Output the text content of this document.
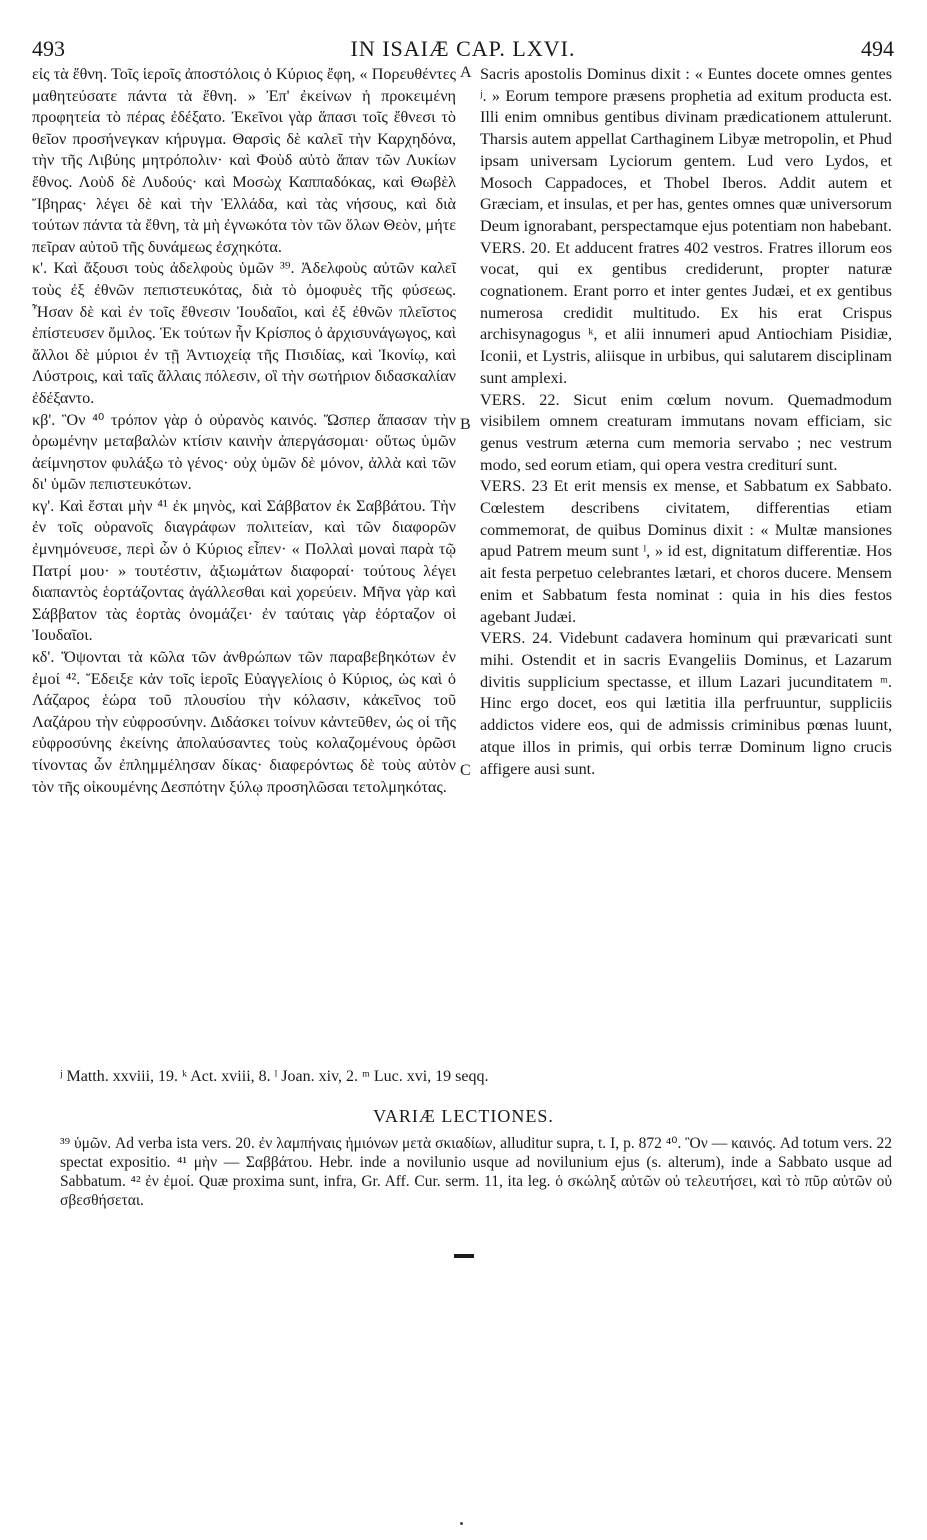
493	IN ISAIÆ CAP. LXVI.	494

εἰς τὰ ἔθνη. Τοῖς ἱεροῖς ἀποστόλοις ὁ Κύριος ἔφη, « Πορευθέντες μαθητεύσατε πάντα τὰ ἔθνη. » Ἐπ' ἐκείνων ἡ προκειμένη προφητεία τὸ πέρας ἐδέξατο. Ἐκεῖνοι γὰρ ἅπασι τοῖς ἔθνεσι τὸ θεῖον προσήνεγκαν κήρυγμα. Θαρσὶς δὲ καλεῖ τὴν Καρχηδόνα, τὴν τῆς Λιβύης μητρόπολιν· καὶ Φοὺδ αὐτὸ ἅπαν τῶν Λυκίων ἔθνος. Λοὺδ δὲ Λυδούς· καὶ Μοσὼχ Καππαδόκας, καὶ Θωβὲλ Ἴβηρας· λέγει δὲ καὶ τὴν Ἑλλάδα, καὶ τὰς νήσους, καὶ διὰ τούτων πάντα τὰ ἔθνη, τὰ μὴ ἐγνωκότα τὸν τῶν ὅλων Θεὸν, μήτε πεῖραν αὐτοῦ τῆς δυνάμεως ἐσχηκότα.

κ'. Καὶ ἄξουσι τοὺς ἀδελφοὺς ὑμῶν ³⁹. Ἀδελφοὺς αὐτῶν καλεῖ τοὺς ἐξ ἐθνῶν πεπιστευκότας, διὰ τὸ ὁμοφυὲς τῆς φύσεως. Ἦσαν δὲ καὶ ἐν τοῖς ἔθνεσιν Ἰουδαῖοι, καὶ ἐξ ἐθνῶν πλεῖστος ἐπίστευσεν ὄμιλος. Ἐκ τούτων ἦν Κρίσπος ὁ ἀρχισυνάγωγος, καὶ ἄλλοι δὲ μύριοι ἐν τῇ Ἀντιοχείᾳ τῆς Πισιδίας, καὶ Ἰκονίῳ, καὶ Λύστροις, καὶ ταῖς ἄλλαις πόλεσιν, οἳ τὴν σωτήριον διδασκαλίαν ἐδέξαντο.

κβ'. Ὃν ⁴⁰ τρόπον γὰρ ὁ οὐρανὸς καινός. Ὥσπερ ἅπασαν τὴν ὁρωμένην μεταβαλὼν κτίσιν καινὴν ἀπεργάσομαι· οὕτως ὑμῶν ἀείμνηστον φυλάξω τὸ γένος· οὐχ ὑμῶν δὲ μόνον, ἀλλὰ καὶ τῶν δι' ὑμῶν πεπιστευκότων.

κγ'. Καὶ ἔσται μὴν ⁴¹ ἐκ μηνὸς, καὶ Σάββατον ἐκ Σαββάτου. Τὴν ἐν τοῖς οὐρανοῖς διαγράφων πολιτείαν, καὶ τῶν διαφορῶν ἐμνημόνευσε, περὶ ὧν ὁ Κύριος εἶπεν· « Πολλαὶ μοναὶ παρὰ τῷ Πατρί μου· » τουτέστιν, ἀξιωμάτων διαφοραί· τούτους λέγει διαπαντὸς ἑορτάζοντας ἀγάλλεσθαι καὶ χορεύειν. Μῆνα γὰρ καὶ Σάββατον τὰς ἑορτὰς ὀνομάζει· ἐν ταύταις γὰρ ἑόρταζον οἱ Ἰουδαῖοι.

κδ'. Ὄψονται τὰ κῶλα τῶν ἀνθρώπων τῶν παραβεβηκότων ἐν ἐμοί ⁴². Ἔδειξε κἀν τοῖς ἱεροῖς Εὐαγγελίοις ὁ Κύριος, ὡς καὶ ὁ Λάζαρος ἑώρα τοῦ πλουσίου τὴν κόλασιν, κἀκεῖνος τοῦ Λαζάρου τὴν εὐφροσύνην. Διδάσκει τοίνυν κἀντεῦθεν, ὡς οἱ τῆς εὐφροσύνης ἐκείνης ἀπολαύσαντες τοὺς κολαζομένους ὁρῶσι τίνοντας ὧν ἐπλημμέλησαν δίκας· διαφερόντως δὲ τοὺς αὐτὸν τὸν τῆς οἰκουμένης Δεσπότην ξύλῳ προσηλῶσαι τετολμηκότας.

A
B
C

Sacris apostolis Dominus dixit : « Euntes docete omnes gentes ʲ. » Eorum tempore præsens prophetia ad exitum producta est. Illi enim omnibus gentibus divinam prædicationem attulerunt. Tharsis autem appellat Carthaginem Libyæ metropolin, et Phud ipsam universam Lyciorum gentem. Lud vero Lydos, et Mosoch Cappadoces, et Thobel Iberos. Addit autem et Græciam, et insulas, et per has, gentes omnes quæ universorum Deum ignorabant, perspectamque ejus potentiam non habebant.

VERS. 20. Et adducent fratres 402 vestros. Fratres illorum eos vocat, qui ex gentibus crediderunt, propter naturæ cognationem. Erant porro et inter gentes Judæi, et ex gentibus numerosa credidit multitudo. Ex his erat Crispus archisynagogus ᵏ, et alii innumeri apud Antiochiam Pisidiæ, Iconii, et Lystris, aliisque in urbibus, qui salutarem disciplinam sunt amplexi.

VERS. 22. Sicut enim cœlum novum. Quemadmodum visibilem omnem creaturam immutans novam efficiam, sic genus vestrum æterna cum memoria servabo ; nec vestrum modo, sed eorum etiam, qui opera vestra crediturí sunt.

VERS. 23 Et erit mensis ex mense, et Sabbatum ex Sabbato. Cœlestem describens civitatem, differentias etiam commemorat, de quibus Dominus dixit : « Multæ mansiones apud Patrem meum sunt ˡ, » id est, dignitatum differentiæ. Hos ait festa perpetuo celebrantes lætari, et choros ducere. Mensem enim et Sabbatum festa nominat : quia in his dies festos agebant Judæi.

VERS. 24. Videbunt cadavera hominum qui prævaricati sunt mihi. Ostendit et in sacris Evangeliis Dominus, et Lazarum divitis supplicium spectasse, et illum Lazari jucunditatem ᵐ. Hinc ergo docet, eos qui lætitia illa perfruuntur, suppliciis addictos videre eos, qui de admissis criminibus pœnas luunt, atque illos in primis, qui orbis terræ Dominum ligno crucis affigere ausi sunt.

ʲ Matth. xxviii, 19. ᵏ Act. xviii, 8. ˡ Joan. xiv, 2. ᵐ Luc. xvi, 19 seqq.
VARIÆ LECTIONES.

³⁹ ὑμῶν. Ad verba ista vers. 20. ἐν λαμπήναις ἡμιόνων μετὰ σκιαδίων, alluditur supra, t. I, p. 872 ⁴⁰. Ὃν — καινός. Ad totum vers. 22 spectat expositio. ⁴¹ μὴν — Σαββάτου. Hebr. inde a novilunio usque ad novilunium ejus (s. alterum), inde a Sabbato usque ad Sabbatum. ⁴² ἐν ἐμοί. Quæ proxima sunt, infra, Gr. Aff. Cur. serm. 11, ita leg. ὁ σκώληξ αὐτῶν οὐ τελευτήσει, καὶ τὸ πῦρ αὐτῶν οὐ σβεσθήσεται.
